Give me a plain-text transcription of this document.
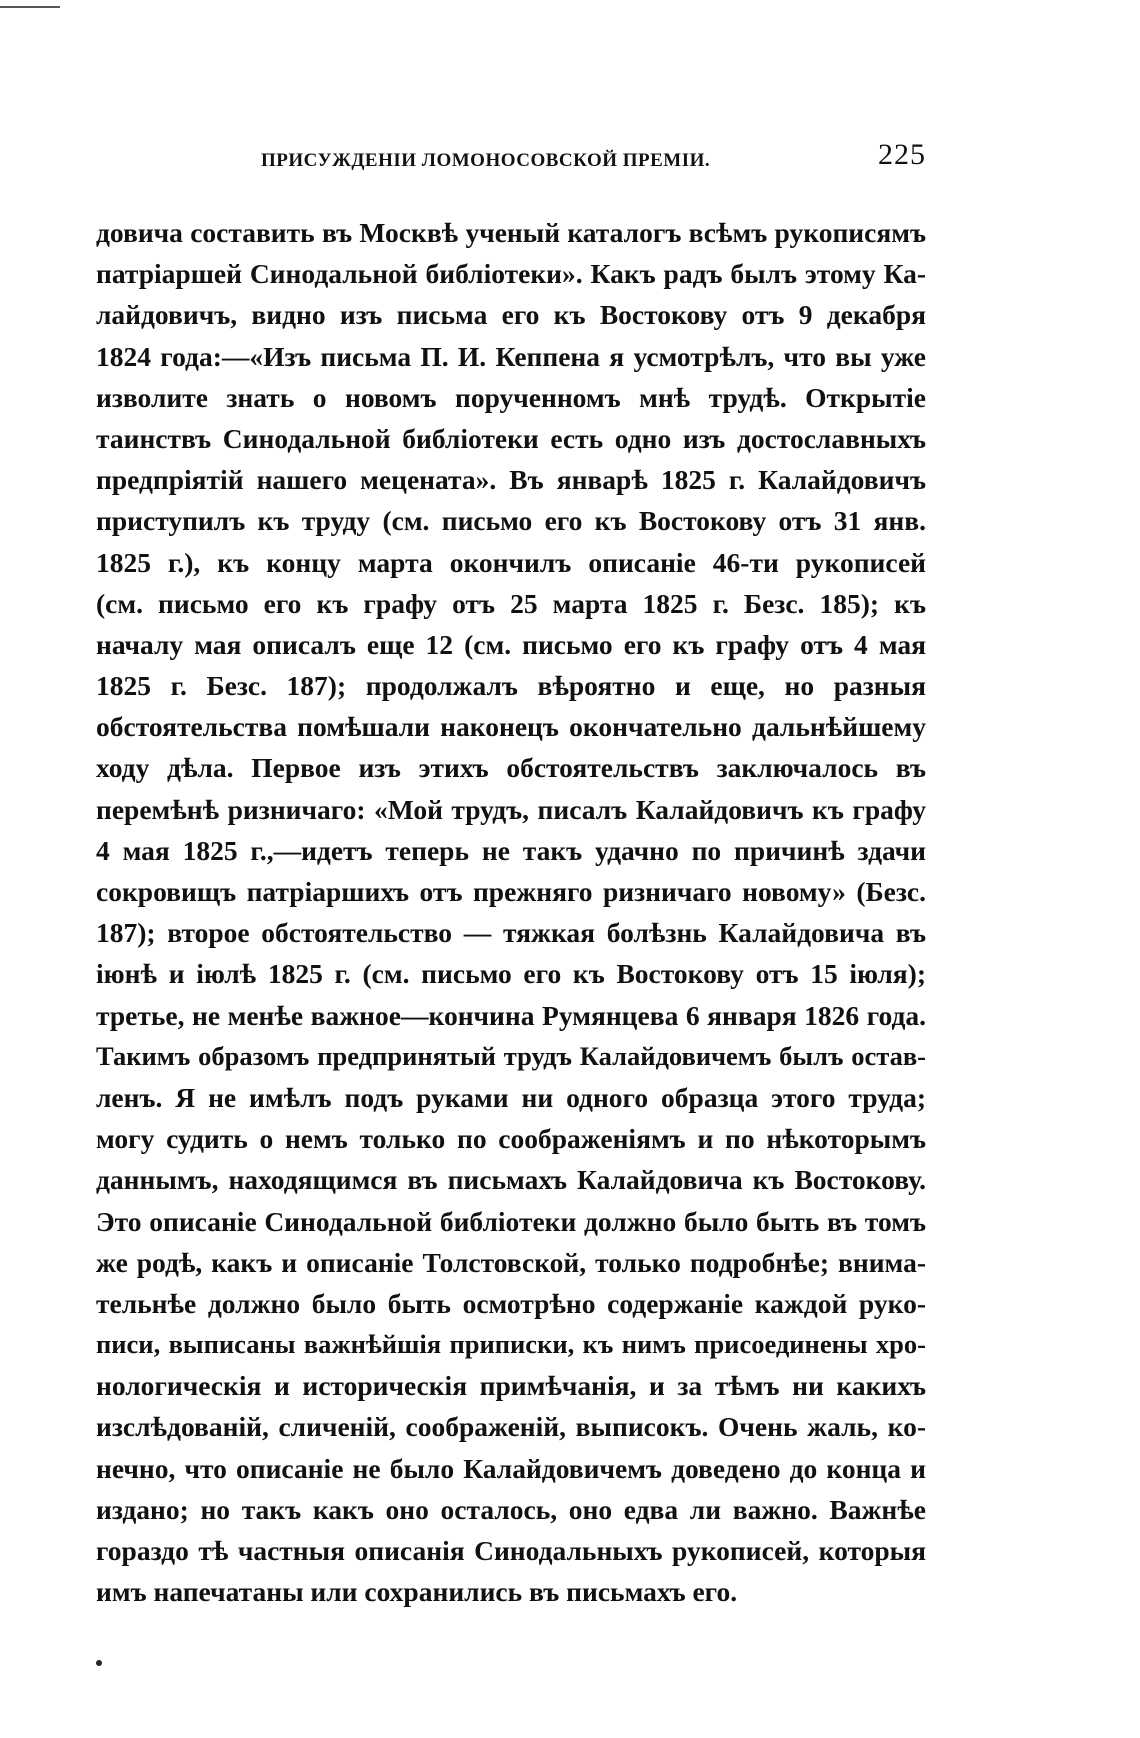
ПРИСУЖДЕНІИ ЛОМОНОСОВСКОЙ ПРЕМІИ.	225
довича составить въ Москвѣ ученый каталогъ всѣмъ рукописямъ
патріаршей Синодальной библіотеки». Какъ радъ былъ этому Ка-
лайдовичъ, видно изъ письма его къ Востокову отъ 9 декабря
1824 года:—«Изъ письма П. И. Кеппена я усмотрѣлъ, что вы уже
изволите знать о новомъ порученномъ мнѣ трудѣ. Открытіе
таинствъ Синодальной библіотеки есть одно изъ достославныхъ
предпріятій нашего мецената». Въ январѣ 1825 г. Калайдовичъ
приступилъ къ труду (см. письмо его къ Востокову отъ 31 янв.
1825 г.), къ концу марта окончилъ описаніе 46-ти рукописей
(см. письмо его къ графу отъ 25 марта 1825 г. Безс. 185); къ
началу мая описалъ еще 12 (см. письмо его къ графу отъ 4 мая
1825 г. Безс. 187); продолжалъ вѣроятно и еще, но разныя
обстоятельства помѣшали наконецъ окончательно дальнѣйшему
ходу дѣла. Первое изъ этихъ обстоятельствъ заключалось въ
перемѣнѣ ризничаго: «Мой трудъ, писалъ Калайдовичъ къ графу
4 мая 1825 г.,—идетъ теперь не такъ удачно по причинѣ здачи
сокровищъ патріаршихъ отъ прежняго ризничаго новому» (Безс.
187); второе обстоятельство — тяжкая болѣзнь Калайдовича въ
іюнѣ и іюлѣ 1825 г. (см. письмо его къ Востокову отъ 15 іюля);
третье, не менѣе важное—кончина Румянцева 6 января 1826 года.
Такимъ образомъ предпринятый трудъ Калайдовичемъ былъ остав-
ленъ. Я не имѣлъ подъ руками ни одного образца этого труда;
могу судить о немъ только по соображеніямъ и по нѣкоторымъ
даннымъ, находящимся въ письмахъ Калайдовича къ Востокову.
Это описаніе Синодальной библіотеки должно было быть въ томъ
же родѣ, какъ и описаніе Толстовской, только подробнѣе; внима-
тельнѣе должно было быть осмотрѣно содержаніе каждой руко-
писи, выписаны важнѣйшія приписки, къ нимъ присоединены хро-
нологическія и историческія примѣчанія, и за тѣмъ ни какихъ
изслѣдованій, сличеній, соображеній, выписокъ. Очень жаль, ко-
нечно, что описаніе не было Калайдовичемъ доведено до конца и
издано; но такъ какъ оно осталось, оно едва ли важно. Важнѣе
гораздо тѣ частныя описанія Синодальныхъ рукописей, которыя
имъ напечатаны или сохранились въ письмахъ его.
